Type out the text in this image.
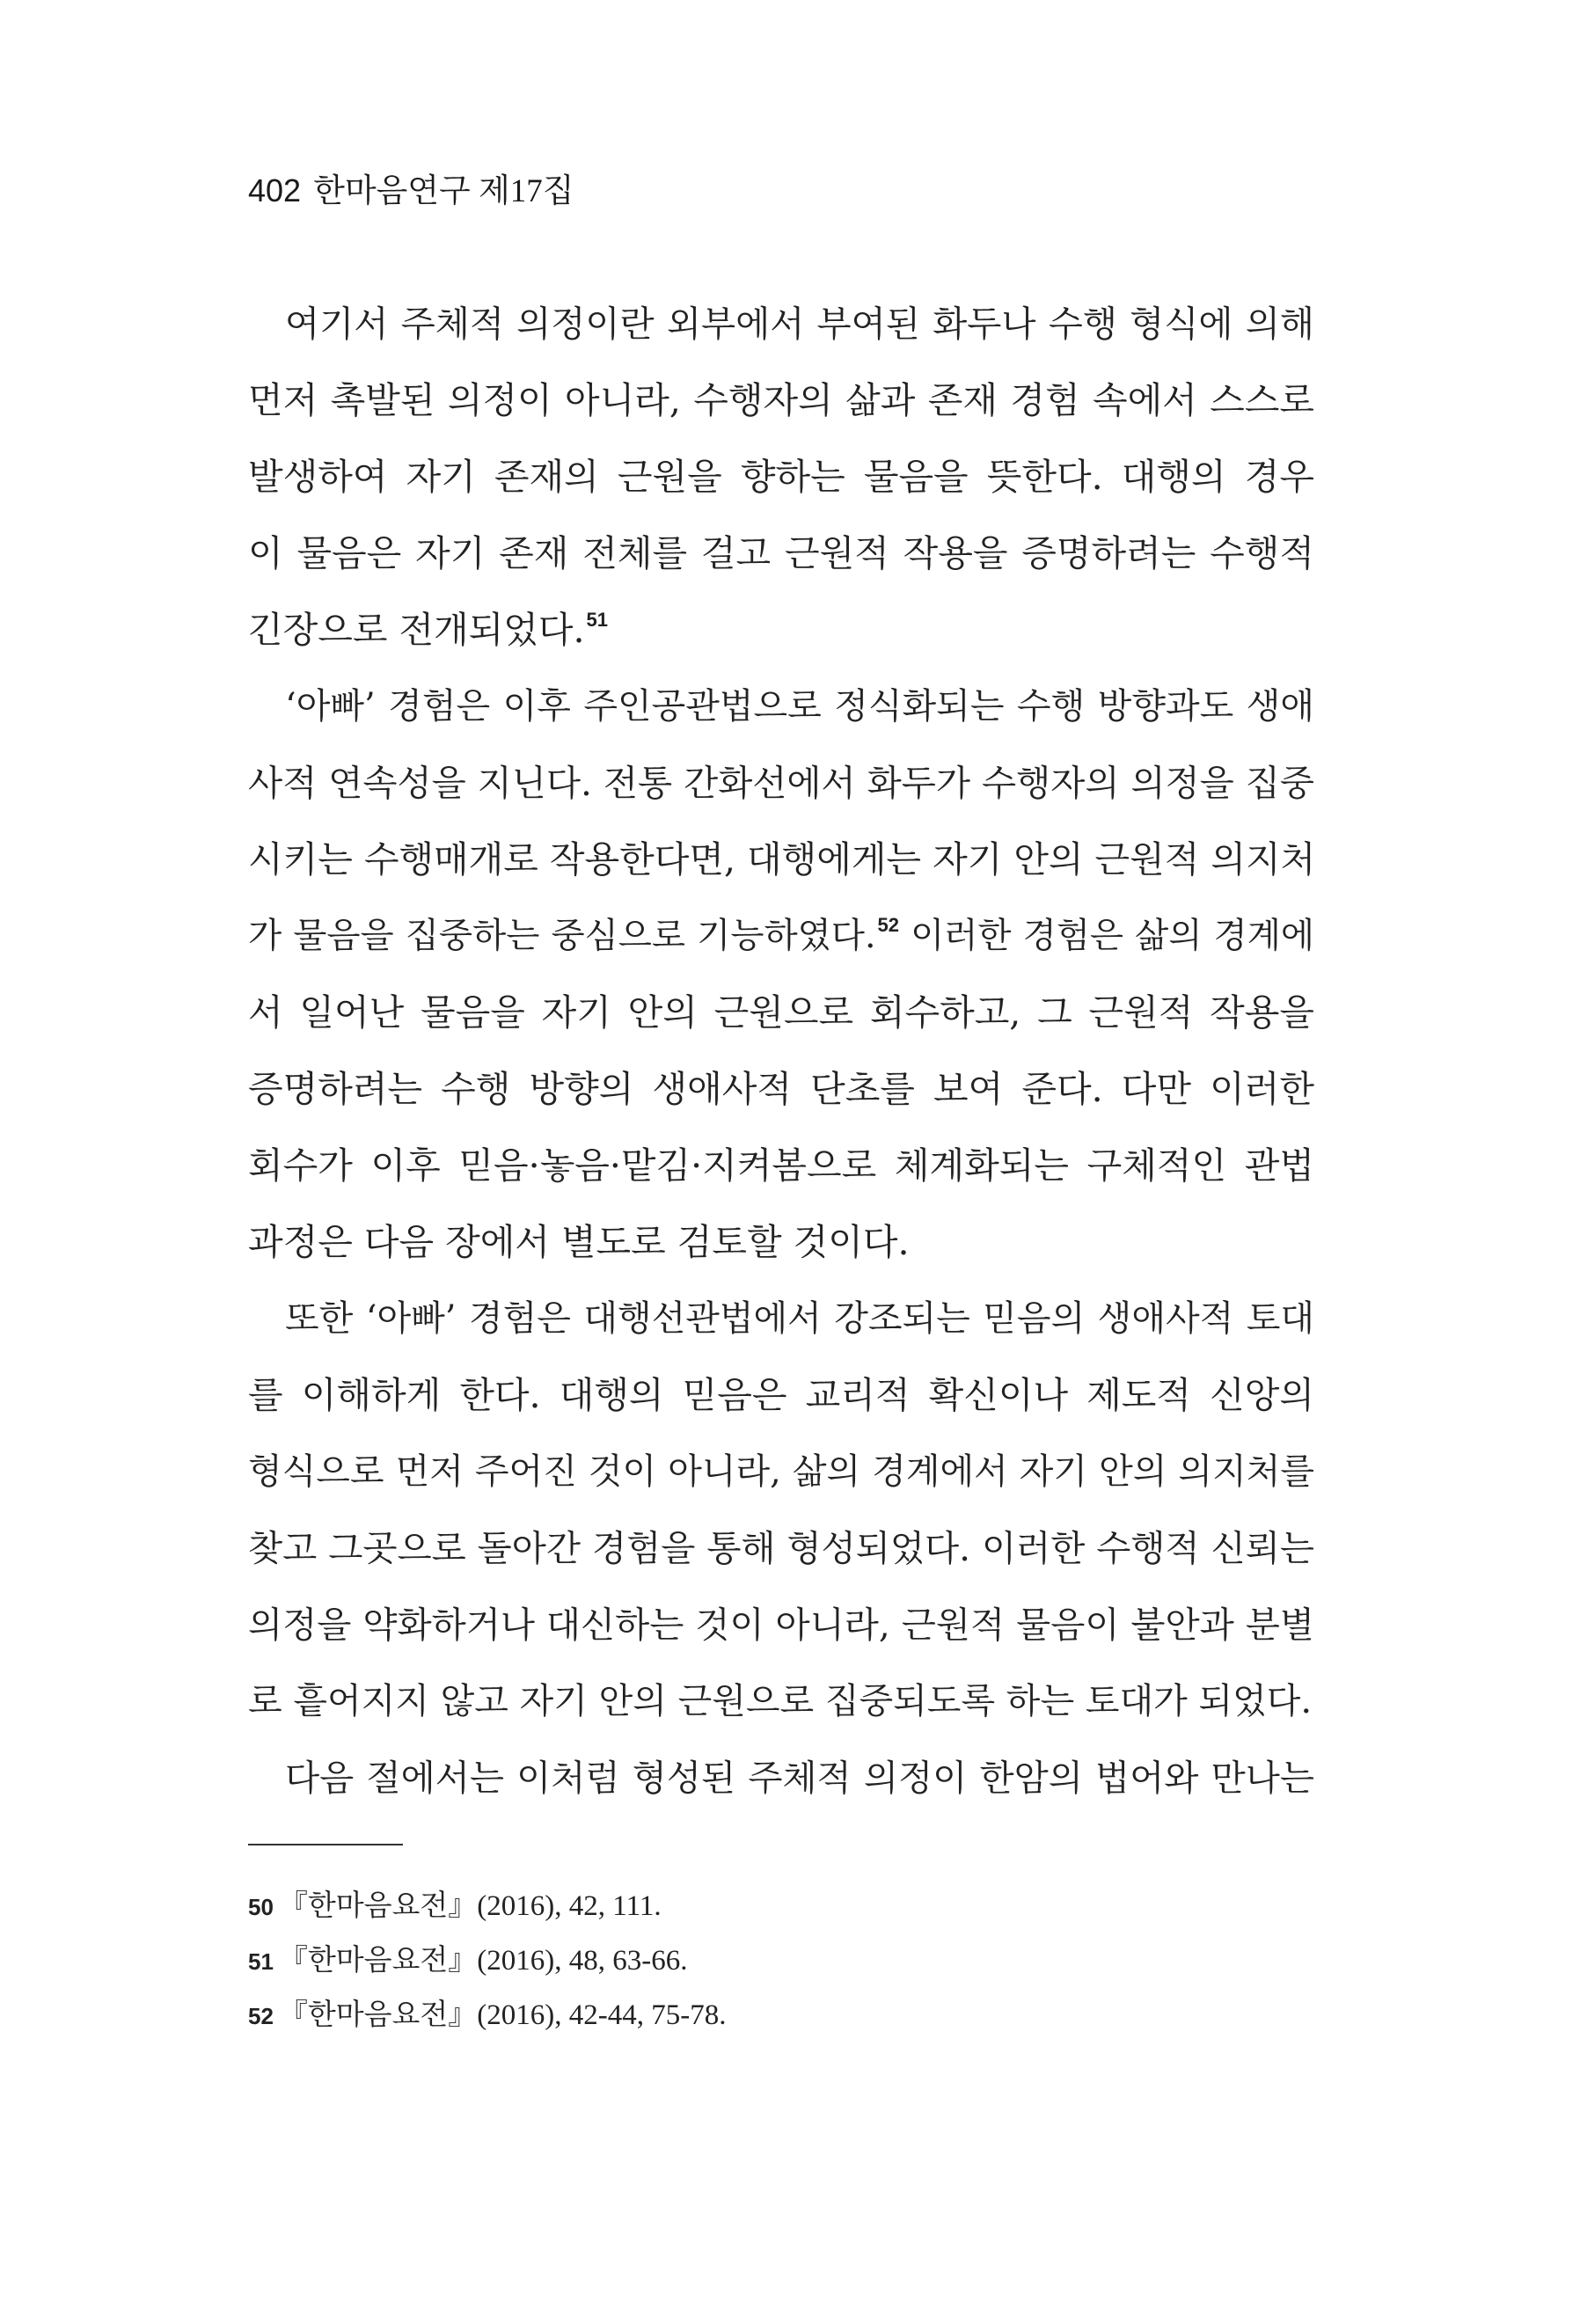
402 한마음연구 제17집
여기서 주체적 의정이란 외부에서 부여된 화두나 수행 형식에 의해
먼저 촉발된 의정이 아니라, 수행자의 삶과 존재 경험 속에서 스스로
발생하여 자기 존재의 근원을 향하는 물음을 뜻한다. 대행의 경우
이 물음은 자기 존재 전체를 걸고 근원적 작용을 증명하려는 수행적
긴장으로 전개되었다.$^{51}$
‘아빠’ 경험은 이후 주인공관법으로 정식화되는 수행 방향과도 생애
사적 연속성을 지닌다. 전통 간화선에서 화두가 수행자의 의정을 집중
시키는 수행매개로 작용한다면, 대행에게는 자기 안의 근원적 의지처
가 물음을 집중하는 중심으로 기능하였다.$^{52}$ 이러한 경험은 삶의 경계에
서 일어난 물음을 자기 안의 근원으로 회수하고, 그 근원적 작용을
증명하려는 수행 방향의 생애사적 단초를 보여 준다. 다만 이러한
회수가 이후 믿음·놓음·맡김·지켜봄으로 체계화되는 구체적인 관법
과정은 다음 장에서 별도로 검토할 것이다.
또한 ‘아빠’ 경험은 대행선관법에서 강조되는 믿음의 생애사적 토대
를 이해하게 한다. 대행의 믿음은 교리적 확신이나 제도적 신앙의
형식으로 먼저 주어진 것이 아니라, 삶의 경계에서 자기 안의 의지처를
찾고 그곳으로 돌아간 경험을 통해 형성되었다. 이러한 수행적 신뢰는
의정을 약화하거나 대신하는 것이 아니라, 근원적 물음이 불안과 분별
로 흩어지지 않고 자기 안의 근원으로 집중되도록 하는 토대가 되었다.
다음 절에서는 이처럼 형성된 주체적 의정이 한암의 법어와 만나는
50 『한마음요전』(2016), 42, 111.
51 『한마음요전』(2016), 48, 63-66.
52 『한마음요전』(2016), 42-44, 75-78.
